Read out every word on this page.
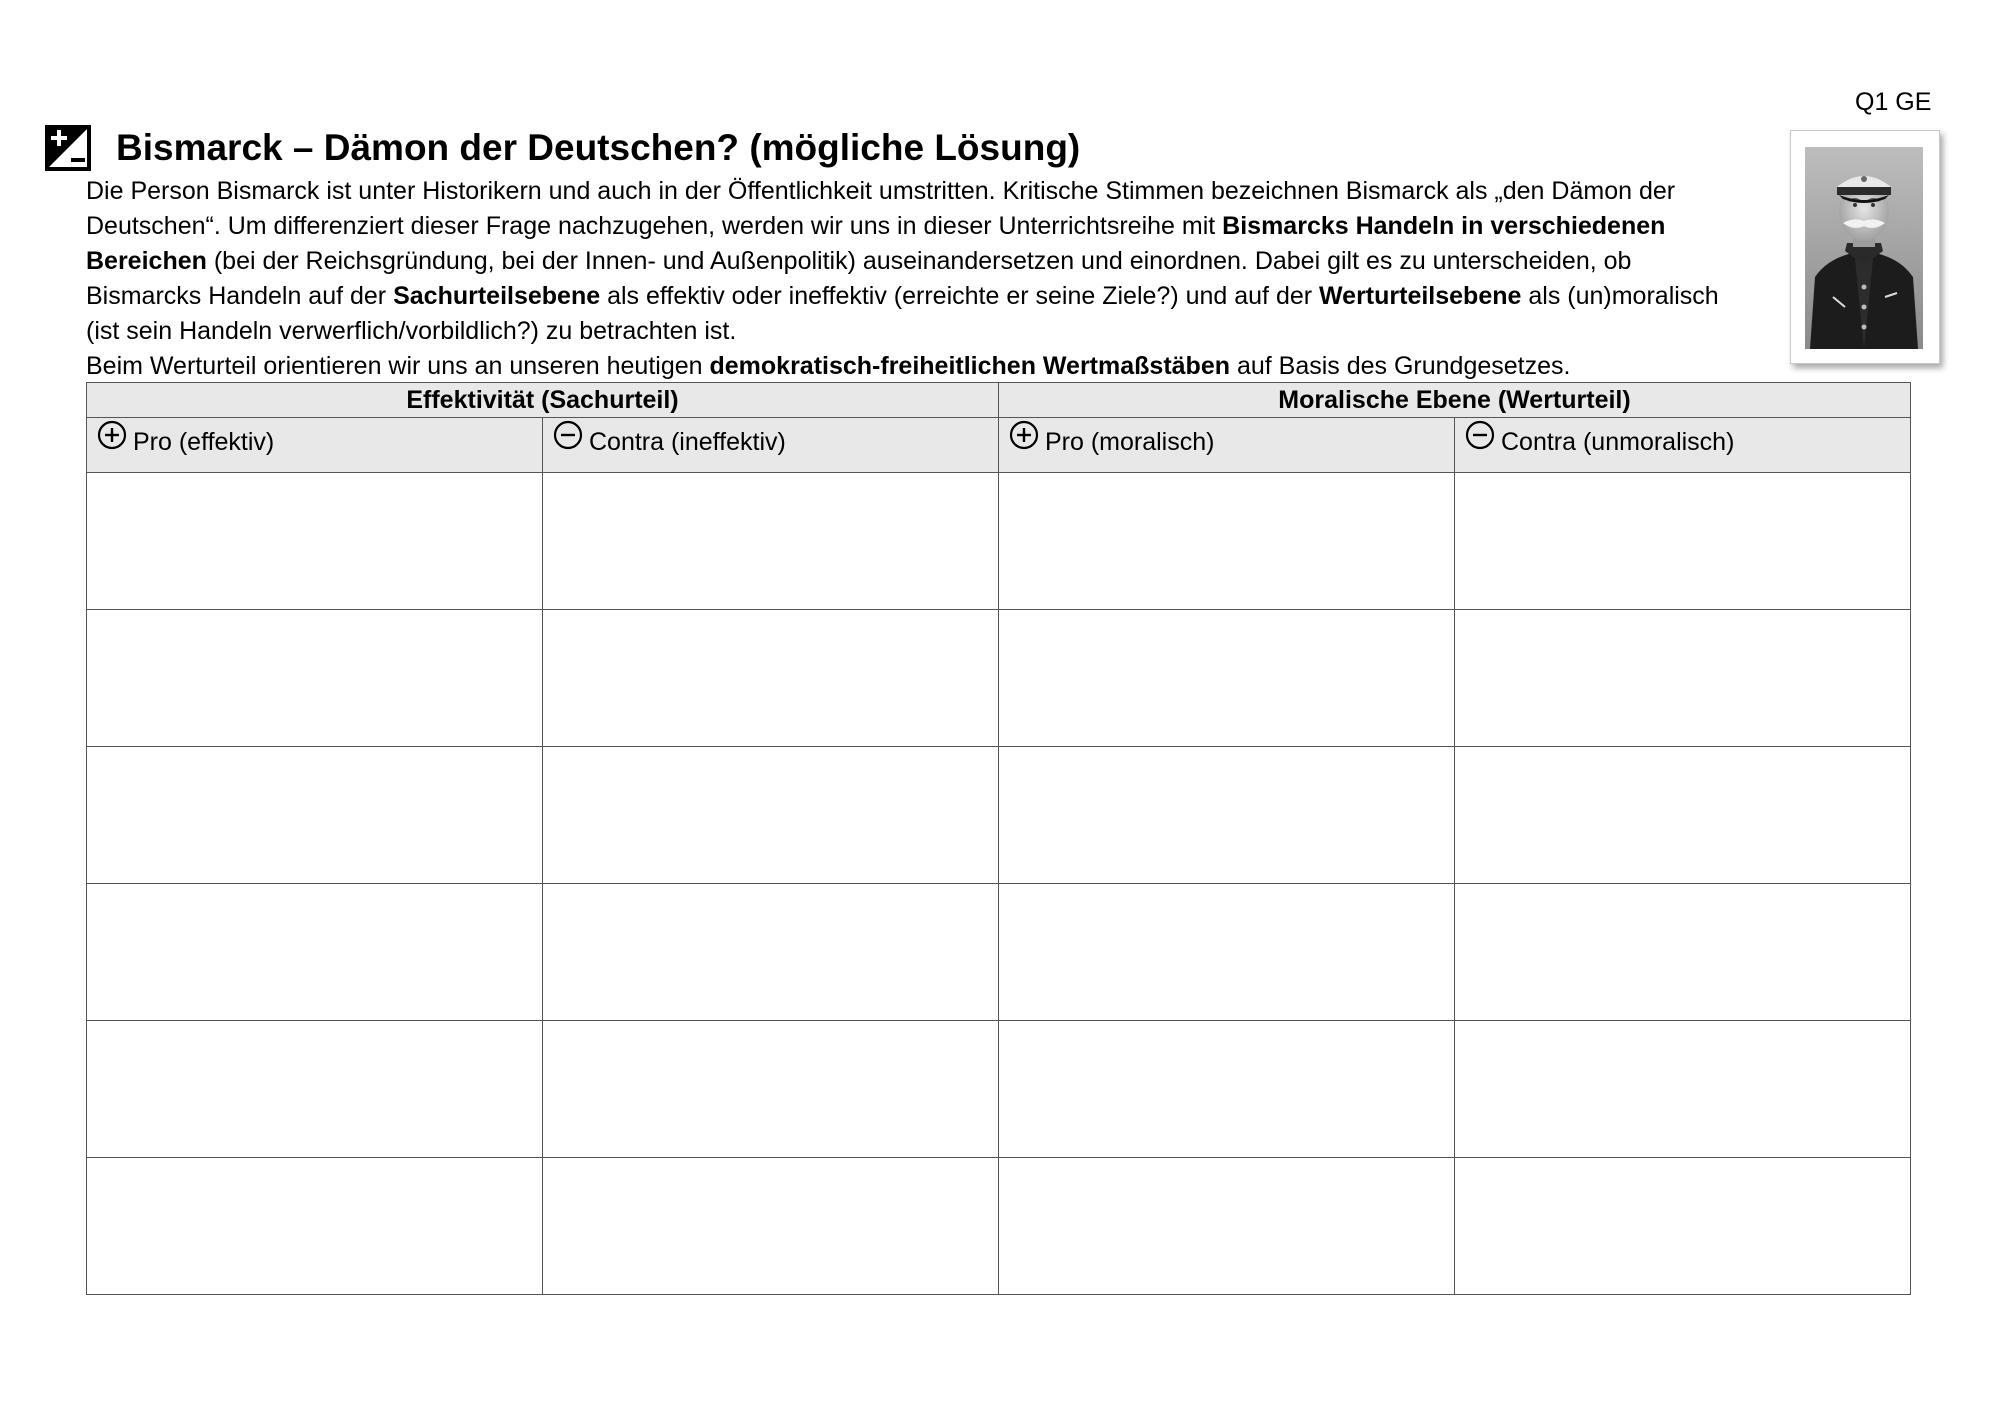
Q1 GE
Bismarck – Dämon der Deutschen? (mögliche Lösung)

Die Person Bismarck ist unter Historikern und auch in der Öffentlichkeit umstritten. Kritische Stimmen bezeichnen Bismarck als „den Dämon der Deutschen“. Um differenziert dieser Frage nachzugehen, werden wir uns in dieser Unterrichtsreihe mit Bismarcks Handeln in verschiedenen Bereichen (bei der Reichsgründung, bei der Innen- und Außenpolitik) auseinandersetzen und einordnen. Dabei gilt es zu unterscheiden, ob Bismarcks Handeln auf der Sachurteilsebene als effektiv oder ineffektiv (erreichte er seine Ziele?) und auf der Werturteilsebene als (un)moralisch (ist sein Handeln verwerflich/vorbildlich?) zu betrachten ist.

Beim Werturteil orientieren wir uns an unseren heutigen demokratisch-freiheitlichen Wertmaßstäben auf Basis des Grundgesetzes.

Effektivität (Sachurteil)		Moralische Ebene (Werturteil)	

Pro (effektiv)	Contra (ineffektiv)	Pro (moralisch)	Contra (unmoralisch)
